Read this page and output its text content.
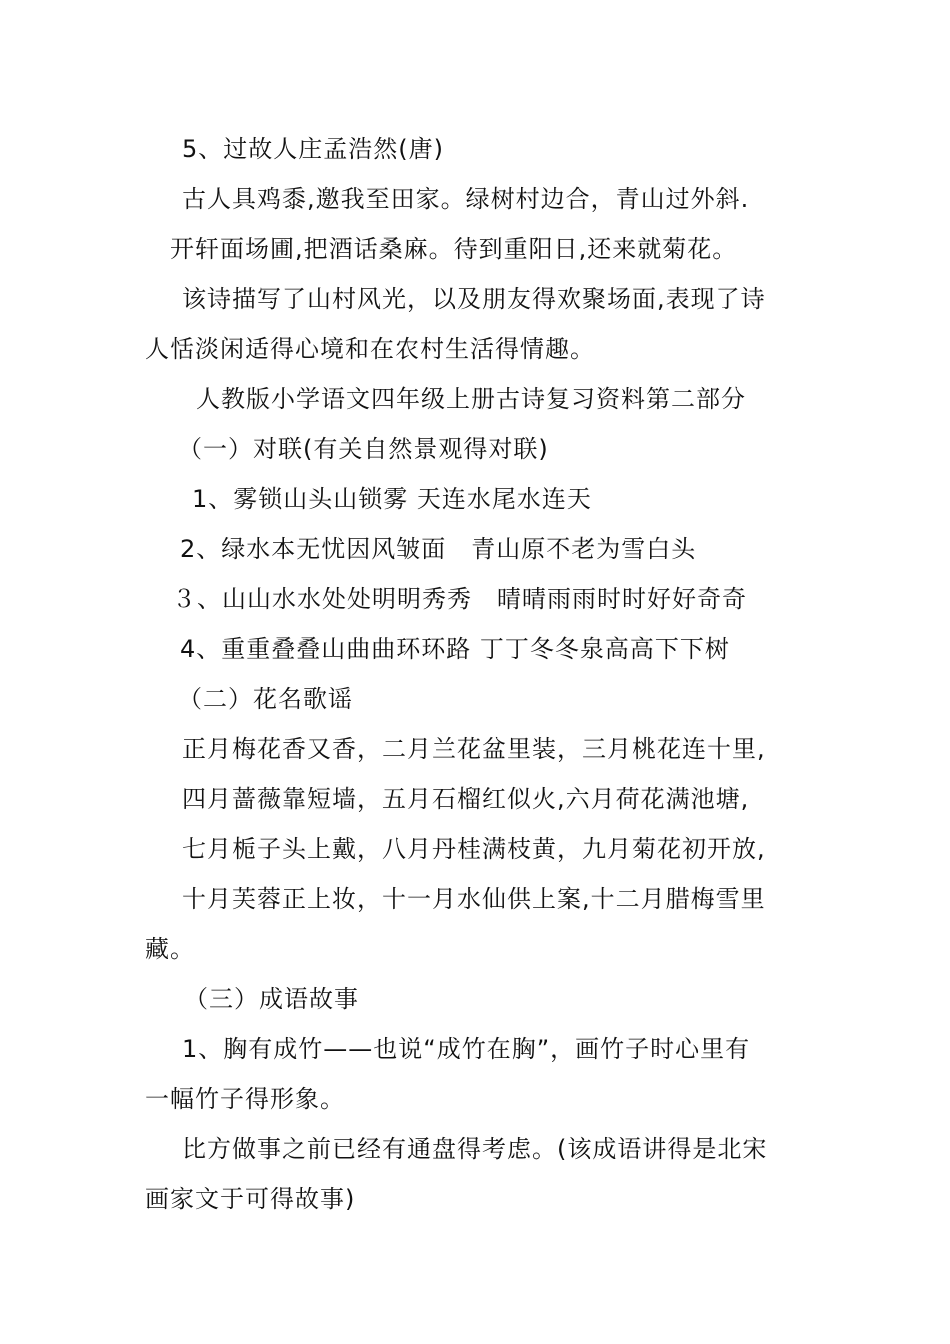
5、过故人庄孟浩然(唐)
古人具鸡黍,邀我至田家。绿树村边合，青山过外斜.
开轩面场圃,把酒话桑麻。待到重阳日,还来就菊花。
该诗描写了山村风光，以及朋友得欢聚场面,表现了诗
人恬淡闲适得心境和在农村生活得情趣。
人教版小学语文四年级上册古诗复习资料第二部分
（一）对联(有关自然景观得对联)
1、雾锁山头山锁雾 天连水尾水连天
2、绿水本无忧因风皱面　青山原不老为雪白头
３、山山水水处处明明秀秀　晴晴雨雨时时好好奇奇
4、重重叠叠山曲曲环环路 丁丁冬冬泉高高下下树
（二）花名歌谣
正月梅花香又香，二月兰花盆里装，三月桃花连十里,
四月蔷薇靠短墙，五月石榴红似火,六月荷花满池塘,
七月栀子头上戴，八月丹桂满枝黄，九月菊花初开放,
十月芙蓉正上妆，十一月水仙供上案,十二月腊梅雪里
藏。
（三）成语故事
1、胸有成竹——也说“成竹在胸”，画竹子时心里有
一幅竹子得形象。
比方做事之前已经有通盘得考虑。(该成语讲得是北宋
画家文于可得故事)
